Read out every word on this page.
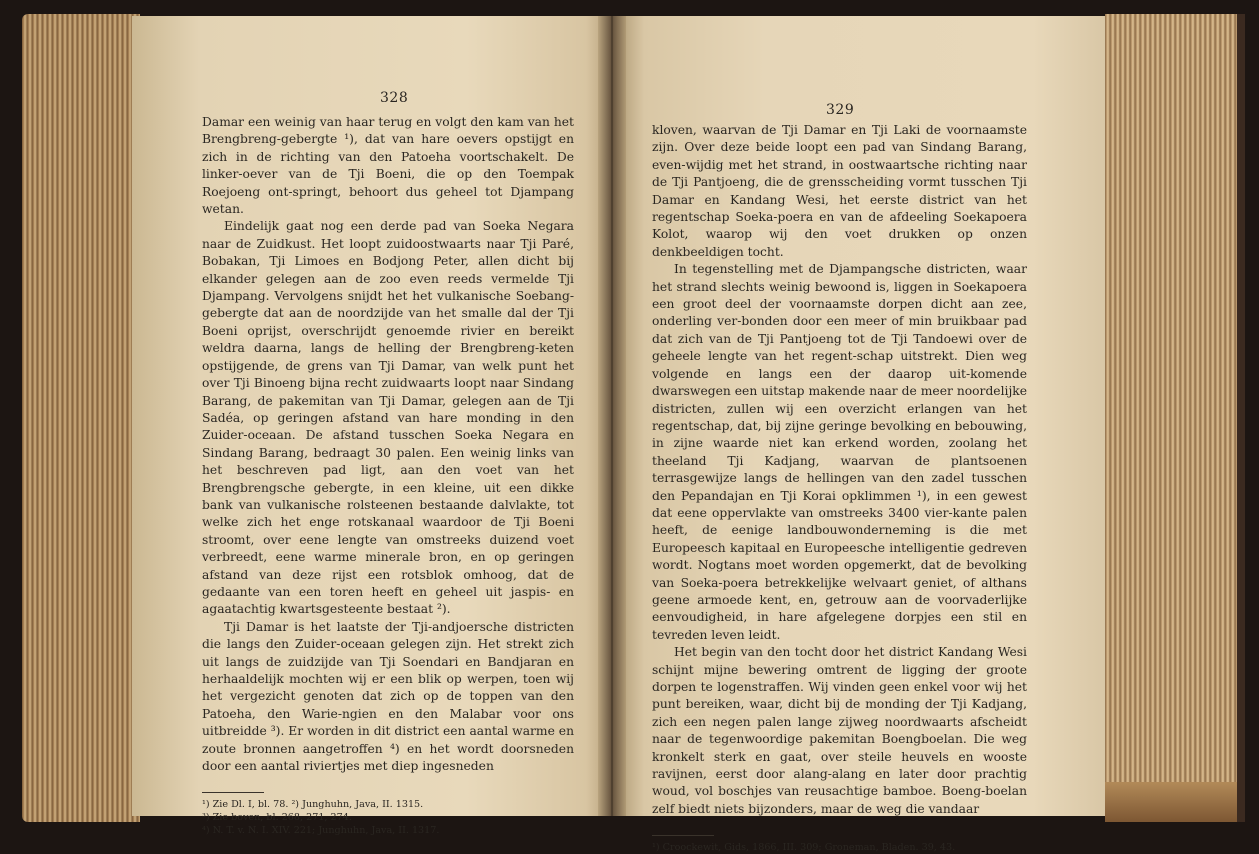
328

Damar een weinig van haar terug en volgt den kam van het Brengbreng-gebergte ¹), dat van hare oevers opstijgt en zich in de richting van den Patoeha voortschakelt. De linker-oever van de Tji Boeni, die op den Toempak Roejoeng ont-springt, behoort dus geheel tot Djampang wetan.

Eindelijk gaat nog een derde pad van Soeka Negara naar de Zuidkust. Het loopt zuidoostwaarts naar Tji Paré, Bobakan, Tji Limoes en Bodjong Peter, allen dicht bij elkander gelegen aan de zoo even reeds vermelde Tji Djampang. Vervolgens snijdt het het vulkanische Soebang-gebergte dat aan de noordzijde van het smalle dal der Tji Boeni oprijst, overschrijdt genoemde rivier en bereikt weldra daarna, langs de helling der Brengbreng-keten opstijgende, de grens van Tji Damar, van welk punt het over Tji Binoeng bijna recht zuidwaarts loopt naar Sindang Barang, de pakemitan van Tji Damar, gelegen aan de Tji Sadéa, op geringen afstand van hare monding in den Zuider-oceaan. De afstand tusschen Soeka Negara en Sindang Barang, bedraagt 30 palen. Een weinig links van het beschreven pad ligt, aan den voet van het Brengbrengsche gebergte, in een kleine, uit een dikke bank van vulkanische rolsteenen bestaande dalvlakte, tot welke zich het enge rotskanaal waardoor de Tji Boeni stroomt, over eene lengte van omstreeks duizend voet verbreedt, eene warme minerale bron, en op geringen afstand van deze rijst een rotsblok omhoog, dat de gedaante van een toren heeft en geheel uit jaspis- en agaatachtig kwartsgesteente bestaat ²).

Tji Damar is het laatste der Tji-andjoersche districten die langs den Zuider-oceaan gelegen zijn. Het strekt zich uit langs de zuidzijde van Tji Soendari en Bandjaran en herhaaldelijk mochten wij er een blik op werpen, toen wij het vergezicht genoten dat zich op de toppen van den Patoeha, den Warie-ngien en den Malabar voor ons uitbreidde ³). Er worden in dit district een aantal warme en zoute bronnen aangetroffen ⁴) en het wordt doorsneden door een aantal riviertjes met diep ingesneden

¹) Zie Dl. I, bl. 78. ²) Junghuhn, Java, II. 1315.
³) Zie boven, bl. 268, 271, 274.
⁴) N. T. v. N. I. XIV. 221; Junghuhn, Java, II. 1317.
329

kloven, waarvan de Tji Damar en Tji Laki de voornaamste zijn. Over deze beide loopt een pad van Sindang Barang, even-wijdig met het strand, in oostwaartsche richting naar de Tji Pantjoeng, die de grensscheiding vormt tusschen Tji Damar en Kandang Wesi, het eerste district van het regentschap Soeka-poera en van de afdeeling Soekapoera Kolot, waarop wij den voet drukken op onzen denkbeeldigen tocht.

In tegenstelling met de Djampangsche districten, waar het strand slechts weinig bewoond is, liggen in Soekapoera een groot deel der voornaamste dorpen dicht aan zee, onderling ver-bonden door een meer of min bruikbaar pad dat zich van de Tji Pantjoeng tot de Tji Tandoewi over de geheele lengte van het regent-schap uitstrekt. Dien weg volgende en langs een der daarop uit-komende dwarswegen een uitstap makende naar de meer noordelijke districten, zullen wij een overzicht erlangen van het regentschap, dat, bij zijne geringe bevolking en bebouwing, in zijne waarde niet kan erkend worden, zoolang het theeland Tji Kadjang, waarvan de plantsoenen terrasgewijze langs de hellingen van den zadel tusschen den Pepandajan en Tji Korai opklimmen ¹), in een gewest dat eene oppervlakte van omstreeks 3400 vier-kante palen heeft, de eenige landbouwonderneming is die met Europeesch kapitaal en Europeesche intelligentie gedreven wordt. Nogtans moet worden opgemerkt, dat de bevolking van Soeka-poera betrekkelijke welvaart geniet, of althans geene armoede kent, en, getrouw aan de voorvaderlijke eenvoudigheid, in hare afgelegene dorpjes een stil en tevreden leven leidt.

Het begin van den tocht door het district Kandang Wesi schijnt mijne bewering omtrent de ligging der groote dorpen te logenstraffen. Wij vinden geen enkel voor wij het punt bereiken, waar, dicht bij de monding der Tji Kadjang, zich een negen palen lange zijweg noordwaarts afscheidt naar de tegenwoordige pakemitan Boengboelan. Die weg kronkelt sterk en gaat, over steile heuvels en wooste ravijnen, eerst door alang-alang en later door prachtig woud, vol boschjes van reusachtige bamboe. Boeng-boelan zelf biedt niets bijzonders, maar de weg die vandaar

¹) Croockewit, Gids, 1866, III. 309; Groneman, Bladen. 39, 43.
